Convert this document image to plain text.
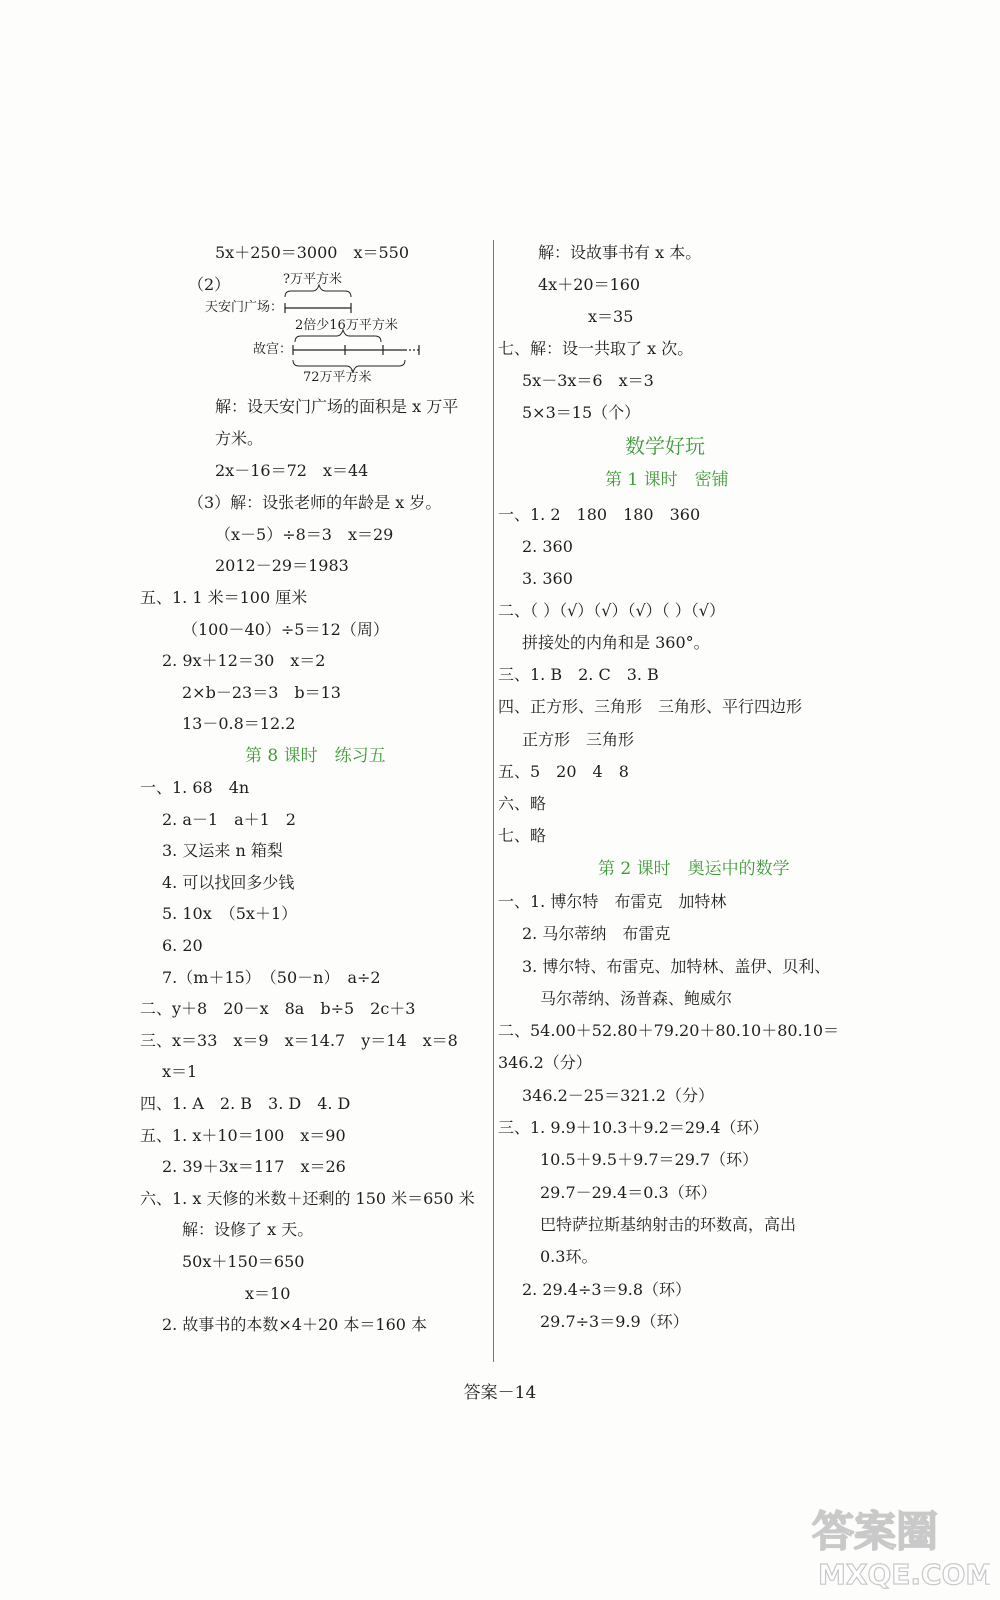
5x＋250＝3000　x＝550
（2）	?万平方米
天安门广场：
2倍少16万平方米
故宫：
72万平方米
解：设天安门广场的面积是 x 万平
方米。
2x－16＝72　x＝44
（3）解：设张老师的年龄是 x 岁。
（x－5）÷8＝3　x＝29
2012－29＝1983
五、1. 1 米＝100 厘米
（100－40）÷5＝12（周）
2. 9x＋12＝30　x＝2
2×b－23＝3　b＝13
13－0.8＝12.2
第 8 课时　练习五
一、1. 68　4n
2. a－1　a＋1　2
3. 又运来 n 箱梨
4. 可以找回多少钱
5. 10x　（5x＋1）
6. 20
7.（m＋15）　（50－n）　a÷2
二、y＋8　20－x　8a　b÷5　2c＋3
三、x＝33　x＝9　x＝14.7　y＝14　x＝8
x＝1
四、1. A　2. B　3. D　4. D
五、1. x＋10＝100　x＝90
2. 39＋3x＝117　x＝26
六、1. x 天修的米数＋还剩的 150 米＝650 米
解：设修了 x 天。
50x＋150＝650
x＝10
2. 故事书的本数×4＋20 本＝160 本
解：设故事书有 x 本。
4x＋20＝160
x＝35
七、解：设一共取了 x 次。
5x－3x＝6　x＝3
5×3＝15（个）
数学好玩
第 1 课时　密铺
一、1. 2　180　180　360
2. 360
3. 360
二、（ ）（√）（√）（√）（ ）（√）
拼接处的内角和是 360°。
三、1. B　2. C　3. B
四、正方形、三角形　三角形、平行四边形
正方形　三角形
五、5　20　4　8
六、略
七、略
第 2 课时　奥运中的数学
一、1. 博尔特　布雷克　加特林
2. 马尔蒂纳　布雷克
3. 博尔特、布雷克、加特林、盖伊、贝利、
马尔蒂纳、汤普森、鲍威尔
二、54.00＋52.80＋79.20＋80.10＋80.10＝
346.2（分）
346.2－25＝321.2（分）
三、1. 9.9＋10.3＋9.2＝29.4（环）
10.5＋9.5＋9.7＝29.7（环）
29.7－29.4＝0.3（环）
巴特萨拉斯基纳射击的环数高，高出
0.3环。
2. 29.4÷3＝9.8（环）
29.7÷3＝9.9（环）
答案－14
答案圈
MXQE.COM
